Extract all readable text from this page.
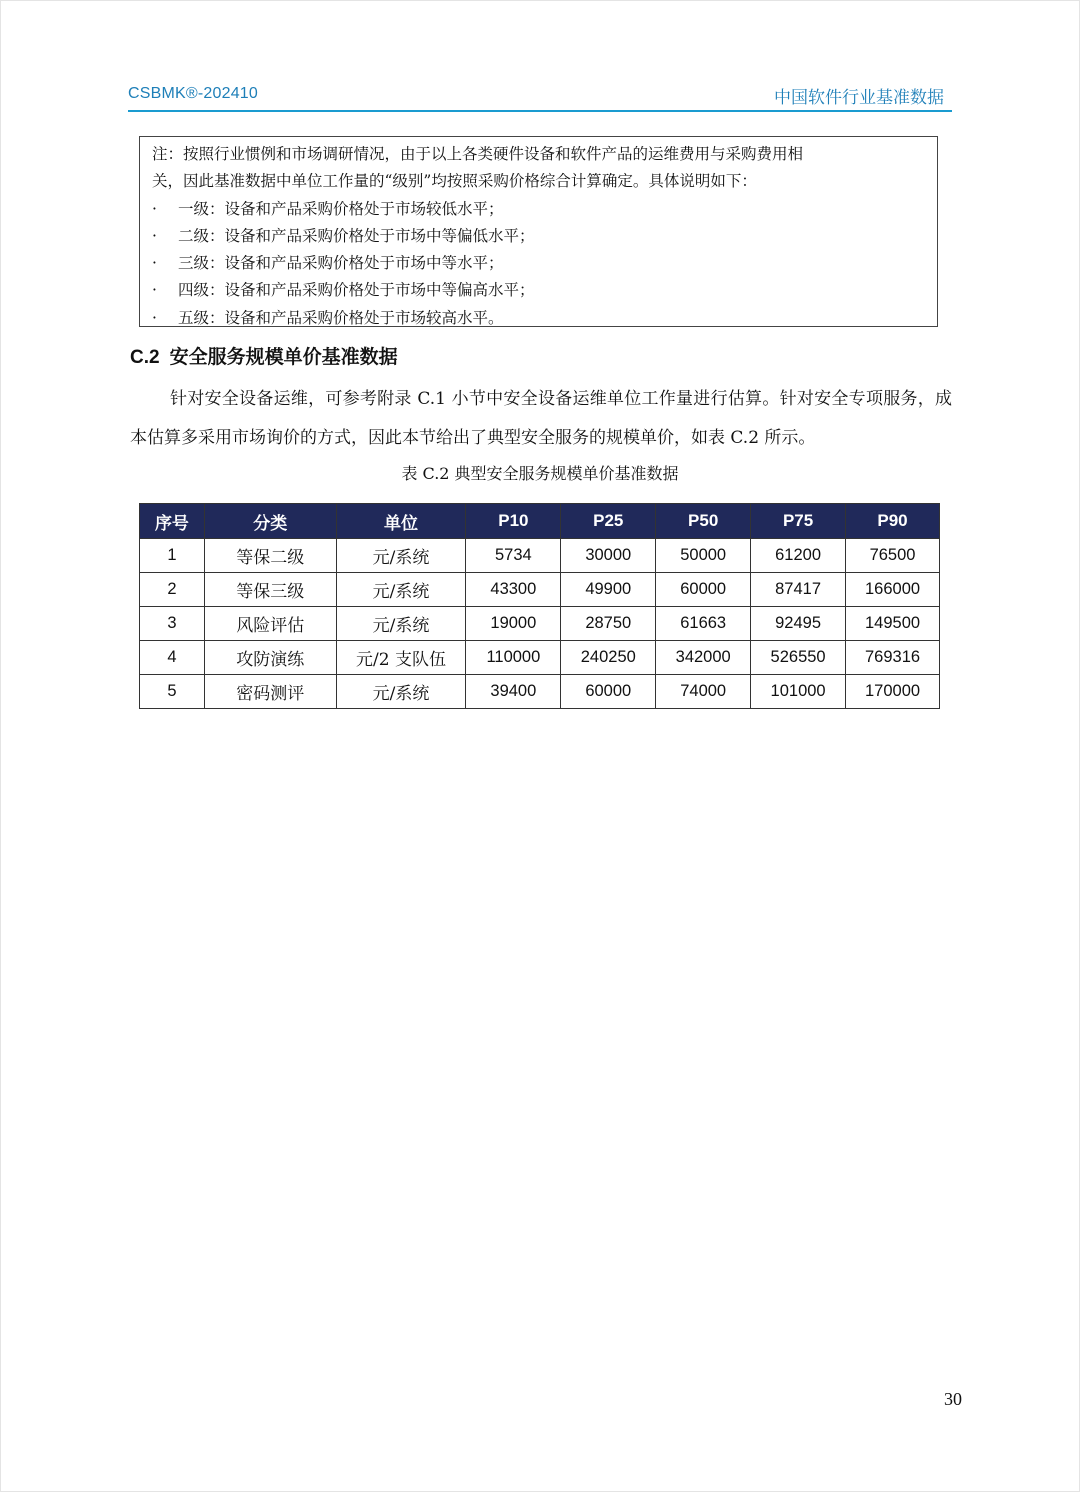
CSBMK®-202410	中国软件行业基准数据
注：按照行业惯例和市场调研情况，由于以上各类硬件设备和软件产品的运维费用与采购费用相
关，因此基准数据中单位工作量的“级别”均按照采购价格综合计算确定。具体说明如下：
· 一级：设备和产品采购价格处于市场较低水平；
· 二级：设备和产品采购价格处于市场中等偏低水平；
· 三级：设备和产品采购价格处于市场中等水平；
· 四级：设备和产品采购价格处于市场中等偏高水平；
· 五级：设备和产品采购价格处于市场较高水平。
C.2 安全服务规模单价基准数据
针对安全设备运维，可参考附录 C.1 小节中安全设备运维单位工作量进行估算。针对安全专项服务，成本估算多采用市场询价的方式，因此本节给出了典型安全服务的规模单价，如表 C.2 所示。
表 C.2 典型安全服务规模单价基准数据
序号	分类	单位	P10	P25	P50	P75	P90
1	等保二级	元/系统	5734	30000	50000	61200	76500
2	等保三级	元/系统	43300	49900	60000	87417	166000
3	风险评估	元/系统	19000	28750	61663	92495	149500
4	攻防演练	元/2 支队伍	110000	240250	342000	526550	769316
5	密码测评	元/系统	39400	60000	74000	101000	170000
30
